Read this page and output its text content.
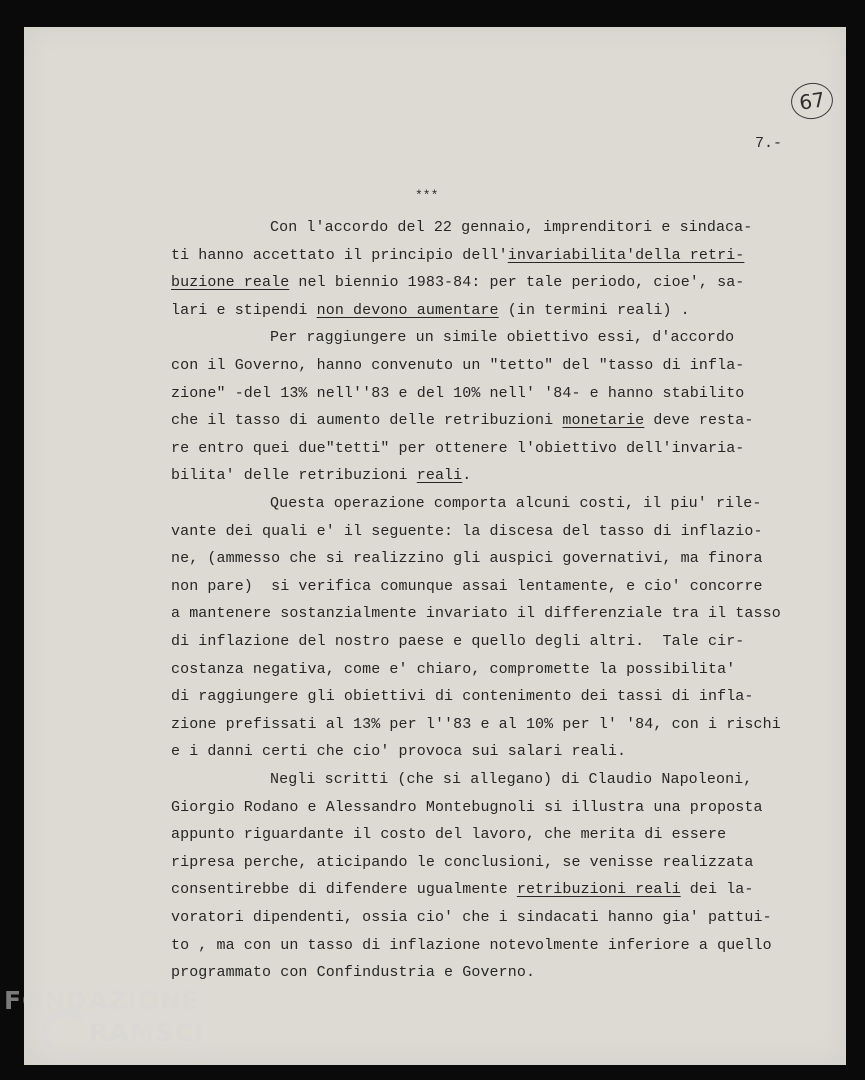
67
7.-
***
Con l'accordo del 22 gennaio, imprenditori e sindaca-
ti hanno accettato il principio dell'invariabilita'della retri-
buzione reale nel biennio 1983-84: per tale periodo, cioe', sa-
lari e stipendi non devono aumentare (in termini reali) .
Per raggiungere un simile obiettivo essi, d'accordo
con il Governo, hanno convenuto un "tetto" del "tasso di infla-
zione" -del 13% nell''83 e del 10% nell' '84- e hanno stabilito
che il tasso di aumento delle retribuzioni monetarie deve resta-
re entro quei due"tetti" per ottenere l'obiettivo dell'invaria-
bilita' delle retribuzioni reali.
Questa operazione comporta alcuni costi, il piu' rile-
vante dei quali e' il seguente: la discesa del tasso di inflazio-
ne, (ammesso che si realizzino gli auspici governativi, ma finora
non pare)  si verifica comunque assai lentamente, e cio' concorre
a mantenere sostanzialmente invariato il differenziale tra il tasso
di inflazione del nostro paese e quello degli altri.  Tale cir-
costanza negativa, come e' chiaro, compromette la possibilita'
di raggiungere gli obiettivi di contenimento dei tassi di infla-
zione prefissati al 13% per l''83 e al 10% per l' '84, con i rischi
e i danni certi che cio' provoca sui salari reali.
Negli scritti (che si allegano) di Claudio Napoleoni,
Giorgio Rodano e Alessandro Montebugnoli si illustra una proposta
appunto riguardante il costo del lavoro, che merita di essere
ripresa perche, aticipando le conclusioni, se venisse realizzata
consentirebbe di difendere ugualmente retribuzioni reali dei la-
voratori dipendenti, ossia cio' che i sindacati hanno gia' pattui-
to , ma con un tasso di inflazione notevolmente inferiore a quello
programmato con Confindustria e Governo.
FONDAZIONE
RAMSCI
onlus
